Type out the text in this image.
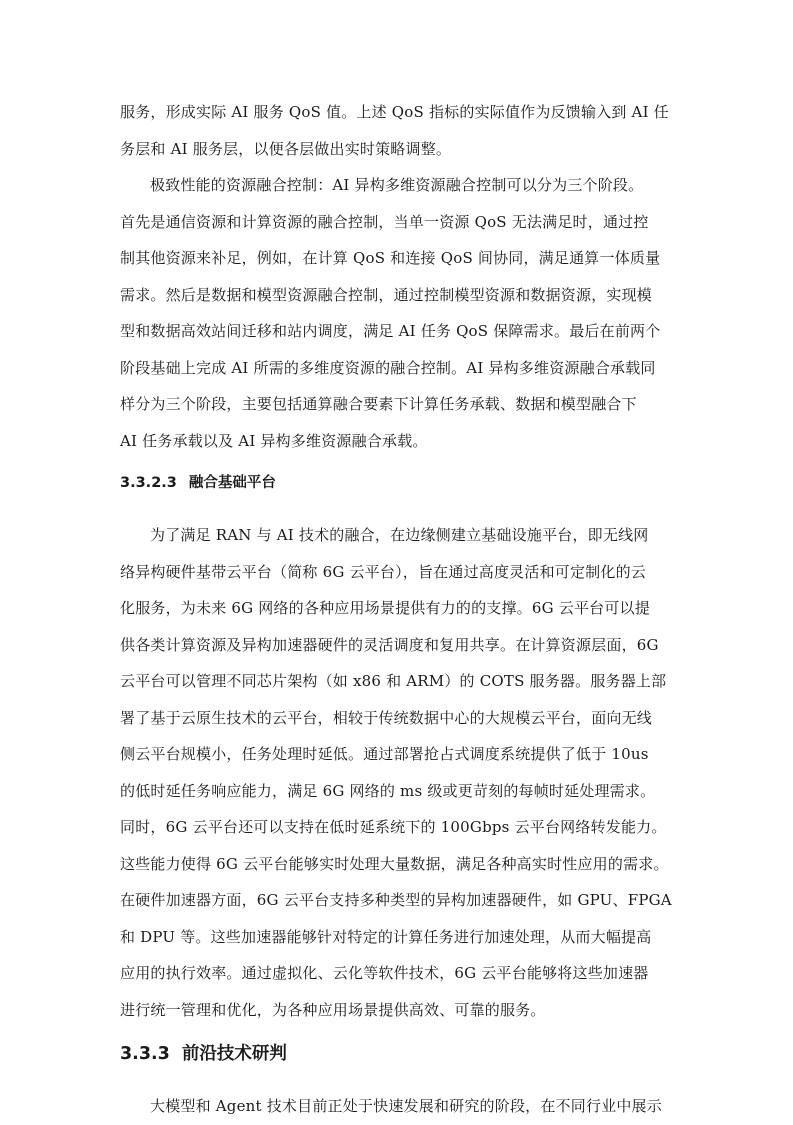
服务，形成实际 AI 服务 QoS 值。上述 QoS 指标的实际值作为反馈输入到 AI 任
务层和 AI 服务层，以便各层做出实时策略调整。
极致性能的资源融合控制：AI 异构多维资源融合控制可以分为三个阶段。
首先是通信资源和计算资源的融合控制，当单一资源 QoS 无法满足时，通过控
制其他资源来补足，例如，在计算 QoS 和连接 QoS 间协同，满足通算一体质量
需求。然后是数据和模型资源融合控制，通过控制模型资源和数据资源，实现模
型和数据高效站间迁移和站内调度，满足 AI 任务 QoS 保障需求。最后在前两个
阶段基础上完成 AI 所需的多维度资源的融合控制。AI 异构多维资源融合承载同
样分为三个阶段，主要包括通算融合要素下计算任务承载、数据和模型融合下
AI 任务承载以及 AI 异构多维资源融合承载。
3.3.2.3 融合基础平台
为了满足 RAN 与 AI 技术的融合，在边缘侧建立基础设施平台，即无线网
络异构硬件基带云平台（简称 6G 云平台），旨在通过高度灵活和可定制化的云
化服务，为未来 6G 网络的各种应用场景提供有力的的支撑。6G 云平台可以提
供各类计算资源及异构加速器硬件的灵活调度和复用共享。在计算资源层面，6G
云平台可以管理不同芯片架构（如 x86 和 ARM）的 COTS 服务器。服务器上部
署了基于云原生技术的云平台，相较于传统数据中心的大规模云平台，面向无线
侧云平台规模小，任务处理时延低。通过部署抢占式调度系统提供了低于 10us
的低时延任务响应能力，满足 6G 网络的 ms 级或更苛刻的每帧时延处理需求。
同时，6G 云平台还可以支持在低时延系统下的 100Gbps 云平台网络转发能力。
这些能力使得 6G 云平台能够实时处理大量数据，满足各种高实时性应用的需求。
在硬件加速器方面，6G 云平台支持多种类型的异构加速器硬件，如 GPU、FPGA
和 DPU 等。这些加速器能够针对特定的计算任务进行加速处理，从而大幅提高
应用的执行效率。通过虚拟化、云化等软件技术，6G 云平台能够将这些加速器
进行统一管理和优化，为各种应用场景提供高效、可靠的服务。
3.3.3 前沿技术研判
大模型和 Agent 技术目前正处于快速发展和研究的阶段，在不同行业中展示
